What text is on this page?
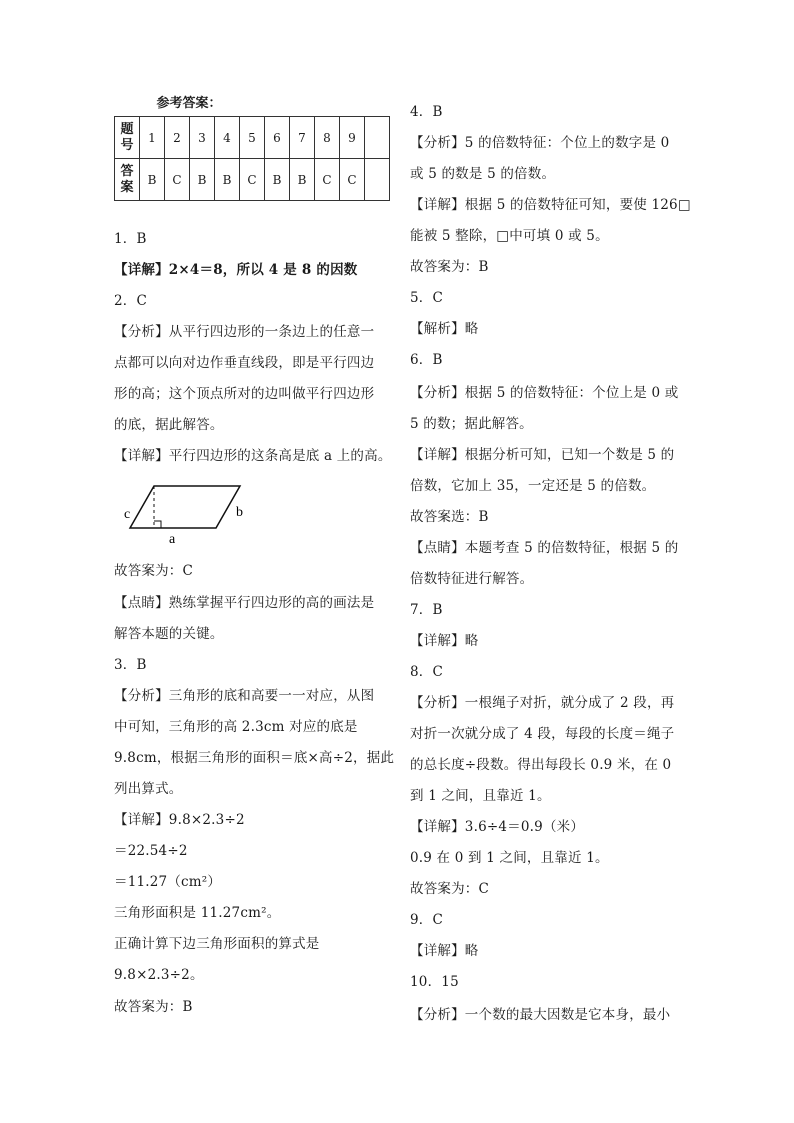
参考答案：
题号	1	2	3	4	5	6	7	8	9	
答案	B	C	B	B	C	B	B	C	C	
1．B
【详解】2×4＝8，所以 4 是 8 的因数
2．C
【分析】从平行四边形的一条边上的任意一
点都可以向对边作垂直线段，即是平行四边
形的高；这个顶点所对的边叫做平行四边形
的底，据此解答。
【详解】平行四边形的这条高是底 a 上的高。
故答案为：C
【点睛】熟练掌握平行四边形的高的画法是
解答本题的关键。
3．B
【分析】三角形的底和高要一一对应，从图
中可知，三角形的高 2.3cm 对应的底是
9.8cm，根据三角形的面积＝底×高÷2，据此
列出算式。
【详解】9.8×2.3÷2
＝22.54÷2
＝11.27（cm²）
三角形面积是 11.27cm²。
正确计算下边三角形面积的算式是
9.8×2.3÷2。
故答案为：B
a
b
c
4．B
【分析】5 的倍数特征：个位上的数字是 0
或 5 的数是 5 的倍数。
【详解】根据 5 的倍数特征可知，要使 126□
能被 5 整除，□中可填 0 或 5。
故答案为：B
5．C
【解析】略
6．B
【分析】根据 5 的倍数特征：个位上是 0 或
5 的数；据此解答。
【详解】根据分析可知，已知一个数是 5 的
倍数，它加上 35，一定还是 5 的倍数。
故答案选：B
【点睛】本题考查 5 的倍数特征，根据 5 的
倍数特征进行解答。
7．B
【详解】略
8．C
【分析】一根绳子对折，就分成了 2 段，再
对折一次就分成了 4 段，每段的长度＝绳子
的总长度÷段数。得出每段长 0.9 米，在 0
到 1 之间，且靠近 1。
【详解】3.6÷4＝0.9（米）
0.9 在 0 到 1 之间，且靠近 1。
故答案为：C
9．C
【详解】略
10．15
【分析】一个数的最大因数是它本身，最小
